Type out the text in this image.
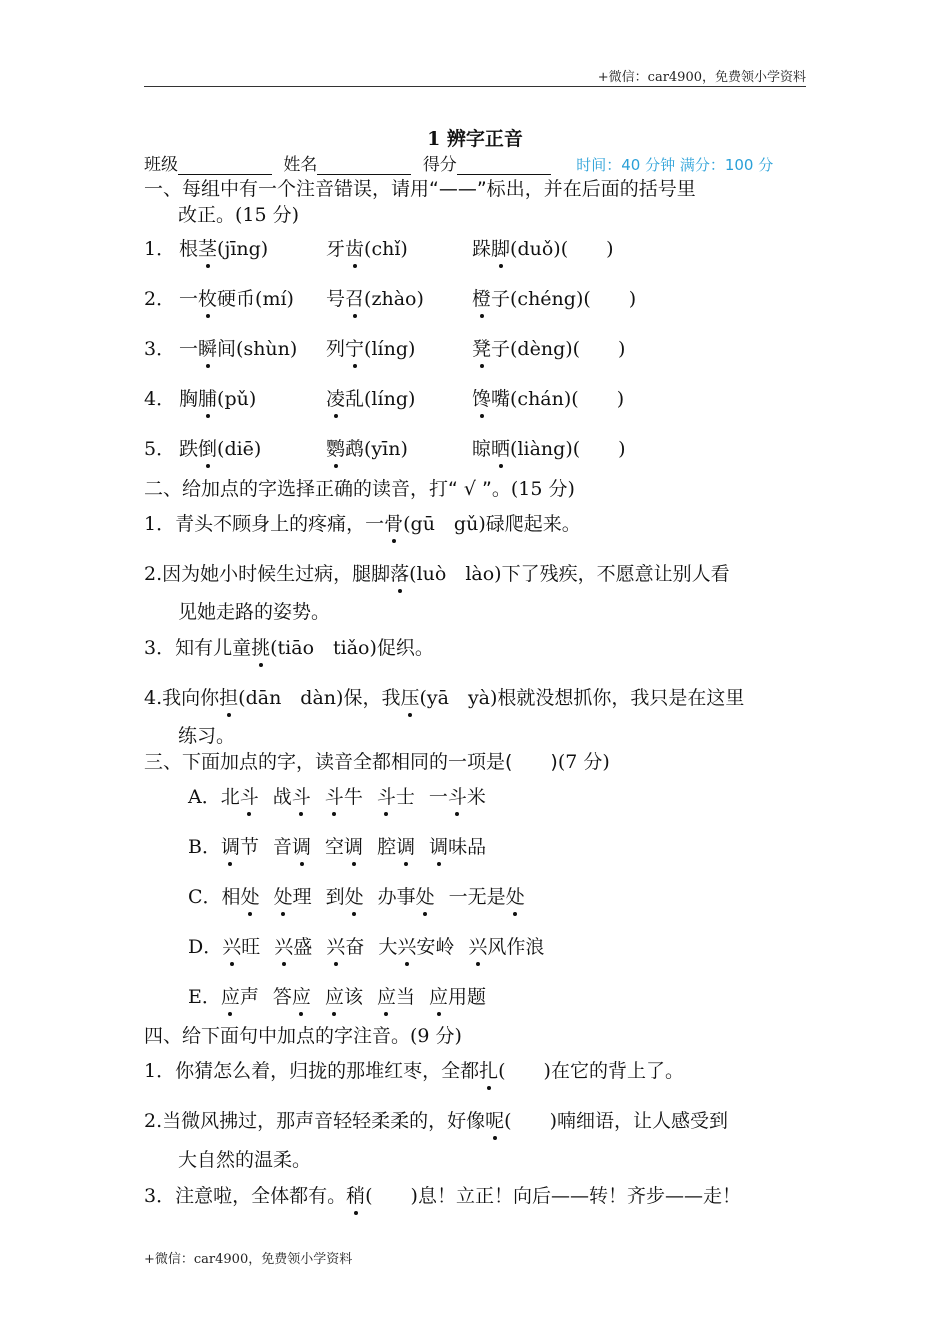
+微信：car4900，免费领小学资料
1 辨字正音
班级	姓名	得分	时间：40 分钟 满分：100 分
一、每组中有一个注音错误，请用“——”标出，并在后面的括号里
改正。(15 分)
1． 根茎(jīng)	牙齿(chǐ)	跺脚(duǒ)(　　)
2． 一枚硬币(mí) 号召(zhào)	橙子(chéng)(　　)
3． 一瞬间(shùn) 列宁(líng)	凳子(dèng)(　　)
4． 胸脯(pǔ)	凌乱(líng)	馋嘴(chán)(　　)
5． 跌倒(diē)	鹦鹉(yīn)	晾晒(liàng)(　　)
二、给加点的字选择正确的读音，打“ √ ”。(15 分)
1．青头不顾身上的疼痛，一骨(gū　gǔ)碌爬起来。
2.因为她小时候生过病，腿脚落(luò　lào)下了残疾，不愿意让别人看
见她走路的姿势。
3．知有儿童挑(tiāo　tiǎo)促织。
4.我向你担(dān　dàn)保，我压(yā　yà)根就没想抓你，我只是在这里
练习。
三、下面加点的字，读音全都相同的一项是(　　)(7 分)
A．北斗 战斗 斗牛 斗士 一斗米
B．调节 音调 空调 腔调 调味品
C．相处 处理 到处 办事处 一无是处
D．兴旺 兴盛 兴奋 大兴安岭 兴风作浪
E．应声 答应 应该 应当 应用题
四、给下面句中加点的字注音。(9 分)
1．你猜怎么着，归拢的那堆红枣，全都扎(　　)在它的背上了。
2.当微风拂过，那声音轻轻柔柔的，好像呢(　　)喃细语，让人感受到
大自然的温柔。
3．注意啦，全体都有。稍(　　)息！立正！向后——转！齐步——走！
+微信：car4900，免费领小学资料
